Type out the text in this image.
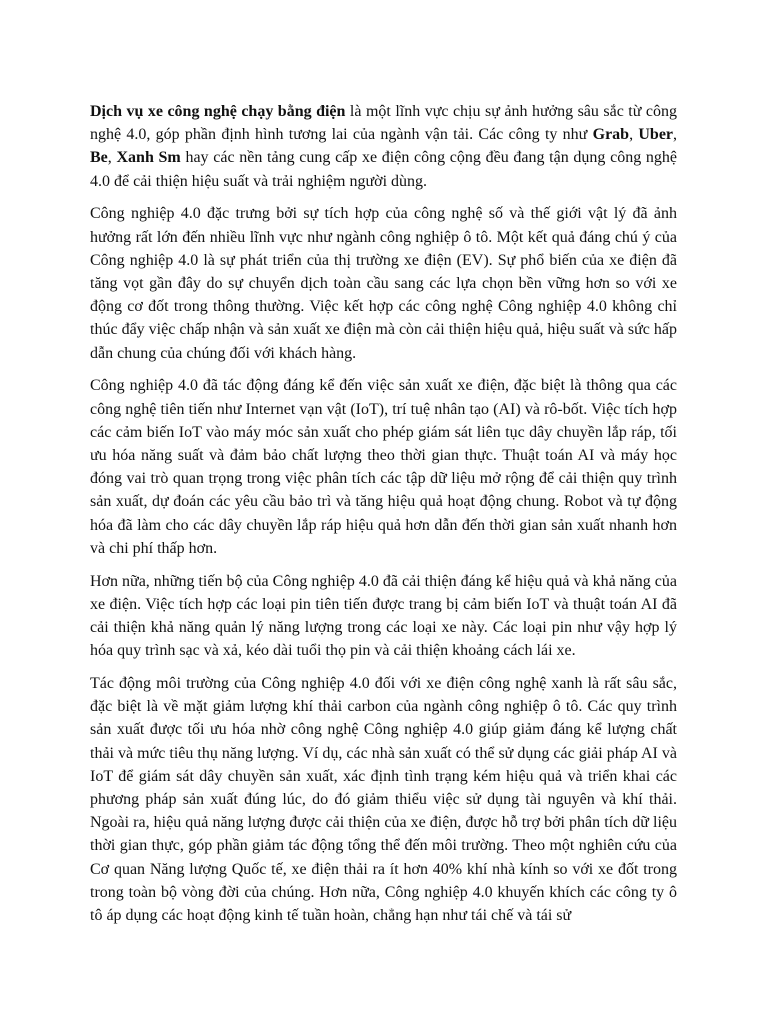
Dịch vụ xe công nghệ chạy bằng điện là một lĩnh vực chịu sự ảnh hưởng sâu sắc từ công nghệ 4.0, góp phần định hình tương lai của ngành vận tải. Các công ty như Grab, Uber, Be, Xanh Sm hay các nền tảng cung cấp xe điện công cộng đều đang tận dụng công nghệ 4.0 để cải thiện hiệu suất và trải nghiệm người dùng.

Công nghiệp 4.0 đặc trưng bởi sự tích hợp của công nghệ số và thế giới vật lý đã ảnh hưởng rất lớn đến nhiều lĩnh vực như ngành công nghiệp ô tô. Một kết quả đáng chú ý của Công nghiệp 4.0 là sự phát triển của thị trường xe điện (EV). Sự phổ biến của xe điện đã tăng vọt gần đây do sự chuyển dịch toàn cầu sang các lựa chọn bền vững hơn so với xe động cơ đốt trong thông thường. Việc kết hợp các công nghệ Công nghiệp 4.0 không chỉ thúc đẩy việc chấp nhận và sản xuất xe điện mà còn cải thiện hiệu quả, hiệu suất và sức hấp dẫn chung của chúng đối với khách hàng.

Công nghiệp 4.0 đã tác động đáng kể đến việc sản xuất xe điện, đặc biệt là thông qua các công nghệ tiên tiến như Internet vạn vật (IoT), trí tuệ nhân tạo (AI) và rô-bốt. Việc tích hợp các cảm biến IoT vào máy móc sản xuất cho phép giám sát liên tục dây chuyền lắp ráp, tối ưu hóa năng suất và đảm bảo chất lượng theo thời gian thực. Thuật toán AI và máy học đóng vai trò quan trọng trong việc phân tích các tập dữ liệu mở rộng để cải thiện quy trình sản xuất, dự đoán các yêu cầu bảo trì và tăng hiệu quả hoạt động chung. Robot và tự động hóa đã làm cho các dây chuyền lắp ráp hiệu quả hơn dẫn đến thời gian sản xuất nhanh hơn và chi phí thấp hơn.

Hơn nữa, những tiến bộ của Công nghiệp 4.0 đã cải thiện đáng kể hiệu quả và khả năng của xe điện. Việc tích hợp các loại pin tiên tiến được trang bị cảm biến IoT và thuật toán AI đã cải thiện khả năng quản lý năng lượng trong các loại xe này. Các loại pin như vậy hợp lý hóa quy trình sạc và xả, kéo dài tuổi thọ pin và cải thiện khoảng cách lái xe.

Tác động môi trường của Công nghiệp 4.0 đối với xe điện công nghệ xanh là rất sâu sắc, đặc biệt là về mặt giảm lượng khí thải carbon của ngành công nghiệp ô tô. Các quy trình sản xuất được tối ưu hóa nhờ công nghệ Công nghiệp 4.0 giúp giảm đáng kể lượng chất thải và mức tiêu thụ năng lượng. Ví dụ, các nhà sản xuất có thể sử dụng các giải pháp AI và IoT để giám sát dây chuyền sản xuất, xác định tình trạng kém hiệu quả và triển khai các phương pháp sản xuất đúng lúc, do đó giảm thiểu việc sử dụng tài nguyên và khí thải. Ngoài ra, hiệu quả năng lượng được cải thiện của xe điện, được hỗ trợ bởi phân tích dữ liệu thời gian thực, góp phần giảm tác động tổng thể đến môi trường. Theo một nghiên cứu của Cơ quan Năng lượng Quốc tế, xe điện thải ra ít hơn 40% khí nhà kính so với xe đốt trong trong toàn bộ vòng đời của chúng. Hơn nữa, Công nghiệp 4.0 khuyến khích các công ty ô tô áp dụng các hoạt động kinh tế tuần hoàn, chẳng hạn như tái chế và tái sử
